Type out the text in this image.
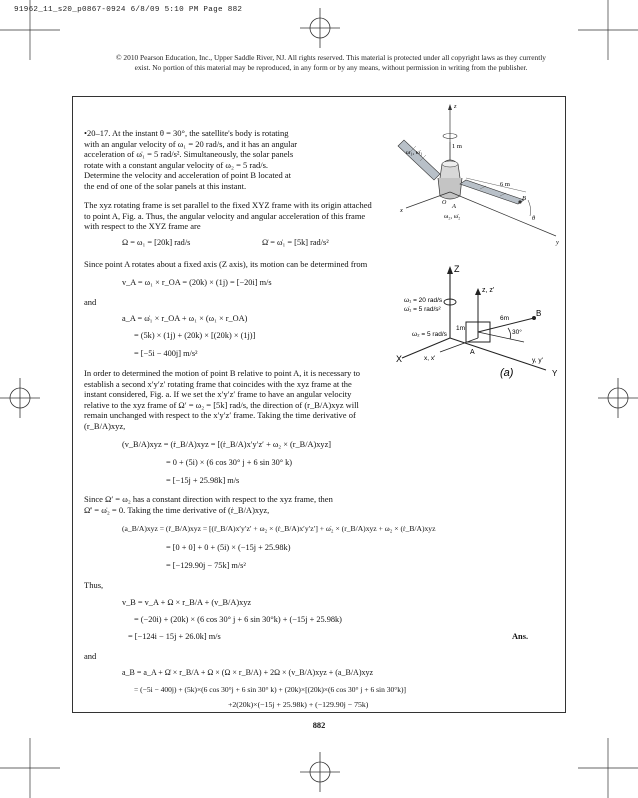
91962_11_s20_p0867-0924 6/8/09 5:10 PM Page 882
© 2010 Pearson Education, Inc., Upper Saddle River, NJ. All rights reserved. This material is protected under all copyright laws as they currently
exist. No portion of this material may be reproduced, in any form or by any means, without permission in writing from the publisher.
•20–17. At the instant θ = 30°, the satellite's body is rotating
with an angular velocity of ω₁ = 20 rad/s, and it has an angular
acceleration of ω̇₁ = 5 rad/s². Simultaneously, the solar panels
rotate with a constant angular velocity of ω₂ = 5 rad/s.
Determine the velocity and acceleration of point B located at
the end of one of the solar panels at this instant.
ω₁, ω̇₁
z
1 m
6 m
x
y
A
B
O
ω₂, ω̇₂	θ
The xyz rotating frame is set parallel to the fixed XYZ frame with its origin attached
to point A, Fig. a. Thus, the angular velocity and angular acceleration of this frame
with respect to the XYZ frame are
Ω = ω₁ = [20k] rad/s	Ω̇ = ω̇₁ = [5k] rad/s²
Since point A rotates about a fixed axis (Z axis), its motion can be determined from
v_A = ω₁ × r_OA = (20k) × (1j) = [−20i] m/s
and
a_A = ω̇₁ × r_OA + ω₁ × (ω₁ × r_OA)
Z
z, z'
ω₁ = 20 rad/s
ω̇₁ = 5 rad/s²
ω₂ = 5 rad/s
X	x, x'
B
A
30°
6m
1m
y, y'
Y
(a)
= (5k) × (1j) + (20k) × [(20k) × (1j)]
= [−5i − 400j] m/s²
In order to determined the motion of point B relative to point A, it is necessary to
establish a second x′y′z′ rotating frame that coincides with the xyz frame at the
instant considered, Fig. a. If we set the x′y′z′ frame to have an angular velocity
relative to the xyz frame of Ω′ = ω₂ = [5k] rad/s, the direction of (r_B/A)xyz will
remain unchanged with respect to the x′y′z′ frame. Taking the time derivative of
(r_B/A)xyz,
(v_B/A)xyz = (ṙ_B/A)xyz = [(ṙ_B/A)x′y′z′ + ω₂ × (r_B/A)xyz]
= 0 + (5i) × (6 cos 30° j + 6 sin 30° k)
= [−15j + 25.98k] m/s
Since Ω′ = ω₂ has a constant direction with respect to the xyz frame, then
Ω̇′ = ω̇₂ = 0. Taking the time derivative of (ṙ_B/A)xyz,
(a_B/A)xyz = (r̈_B/A)xyz = [(r̈_B/A)x′y′z′ + ω₂ × (ṙ_B/A)x′y′z′] + ω̇₂ × (r_B/A)xyz + ω₂ × (ṙ_B/A)xyz
= [0 + 0] + 0 + (5i) × (−15j + 25.98k)
= [−129.90j − 75k] m/s²
Thus,
v_B = v_A + Ω × r_B/A + (v_B/A)xyz
= (−20i) + (20k) × (6 cos 30° j + 6 sin 30°k) + (−15j + 25.98k)
= [−124i − 15j + 26.0k] m/s	Ans.
and
a_B = a_A + Ω̇ × r_B/A + Ω × (Ω × r_B/A) + 2Ω × (v_B/A)xyz + (a_B/A)xyz
= (−5i − 400j) + (5k)×(6 cos 30°j + 6 sin 30° k) + (20k)×[(20k)×(6 cos 30° j + 6 sin 30°k)]
+2(20k)×(−15j + 25.98k) + (−129.90j − 75k)
882
